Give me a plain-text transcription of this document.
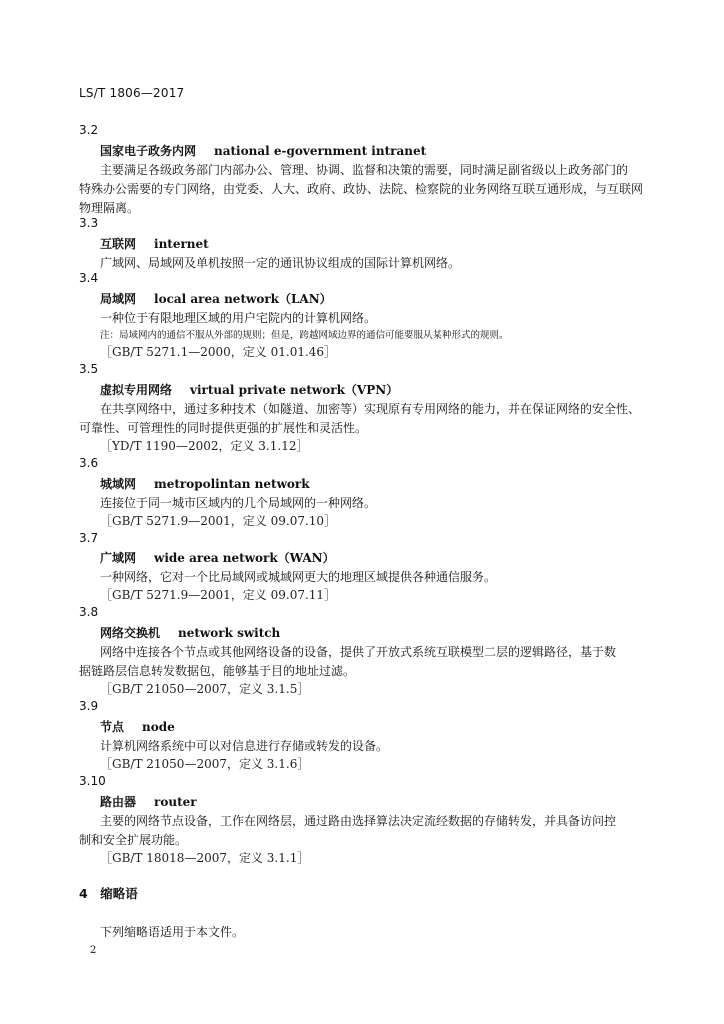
LS/T 1806—2017
3.2
国家电子政务内网 national e-government intranet
主要满足各级政务部门内部办公、管理、协调、监督和决策的需要，同时满足副省级以上政务部门的
特殊办公需要的专门网络，由党委、人大、政府、政协、法院、检察院的业务网络互联互通形成，与互联网
物理隔离。
3.3
互联网 internet
广域网、局域网及单机按照一定的通讯协议组成的国际计算机网络。
3.4
局域网 local area network（LAN）
一种位于有限地理区域的用户宅院内的计算机网络。
注：局域网内的通信不服从外部的规则；但是，跨越网域边界的通信可能要服从某种形式的规则。
［GB/T 5271.1—2000，定义 01.01.46］
3.5
虚拟专用网络 virtual private network（VPN）
在共享网络中，通过多种技术（如隧道、加密等）实现原有专用网络的能力，并在保证网络的安全性、
可靠性、可管理性的同时提供更强的扩展性和灵活性。
［YD/T 1190—2002，定义 3.1.12］
3.6
城域网 metropolintan network
连接位于同一城市区域内的几个局域网的一种网络。
［GB/T 5271.9—2001，定义 09.07.10］
3.7
广域网 wide area network（WAN）
一种网络，它对一个比局域网或城域网更大的地理区域提供各种通信服务。
［GB/T 5271.9—2001，定义 09.07.11］
3.8
网络交换机 network switch
网络中连接各个节点或其他网络设备的设备，提供了开放式系统互联模型二层的逻辑路径，基于数
据链路层信息转发数据包，能够基于目的地址过滤。
［GB/T 21050—2007，定义 3.1.5］
3.9
节点 node
计算机网络系统中可以对信息进行存储或转发的设备。
［GB/T 21050—2007，定义 3.1.6］
3.10
路由器 router
主要的网络节点设备，工作在网络层，通过路由选择算法决定流经数据的存储转发，并具备访问控
制和安全扩展功能。
［GB/T 18018—2007，定义 3.1.1］
4　缩略语
下列缩略语适用于本文件。
2
